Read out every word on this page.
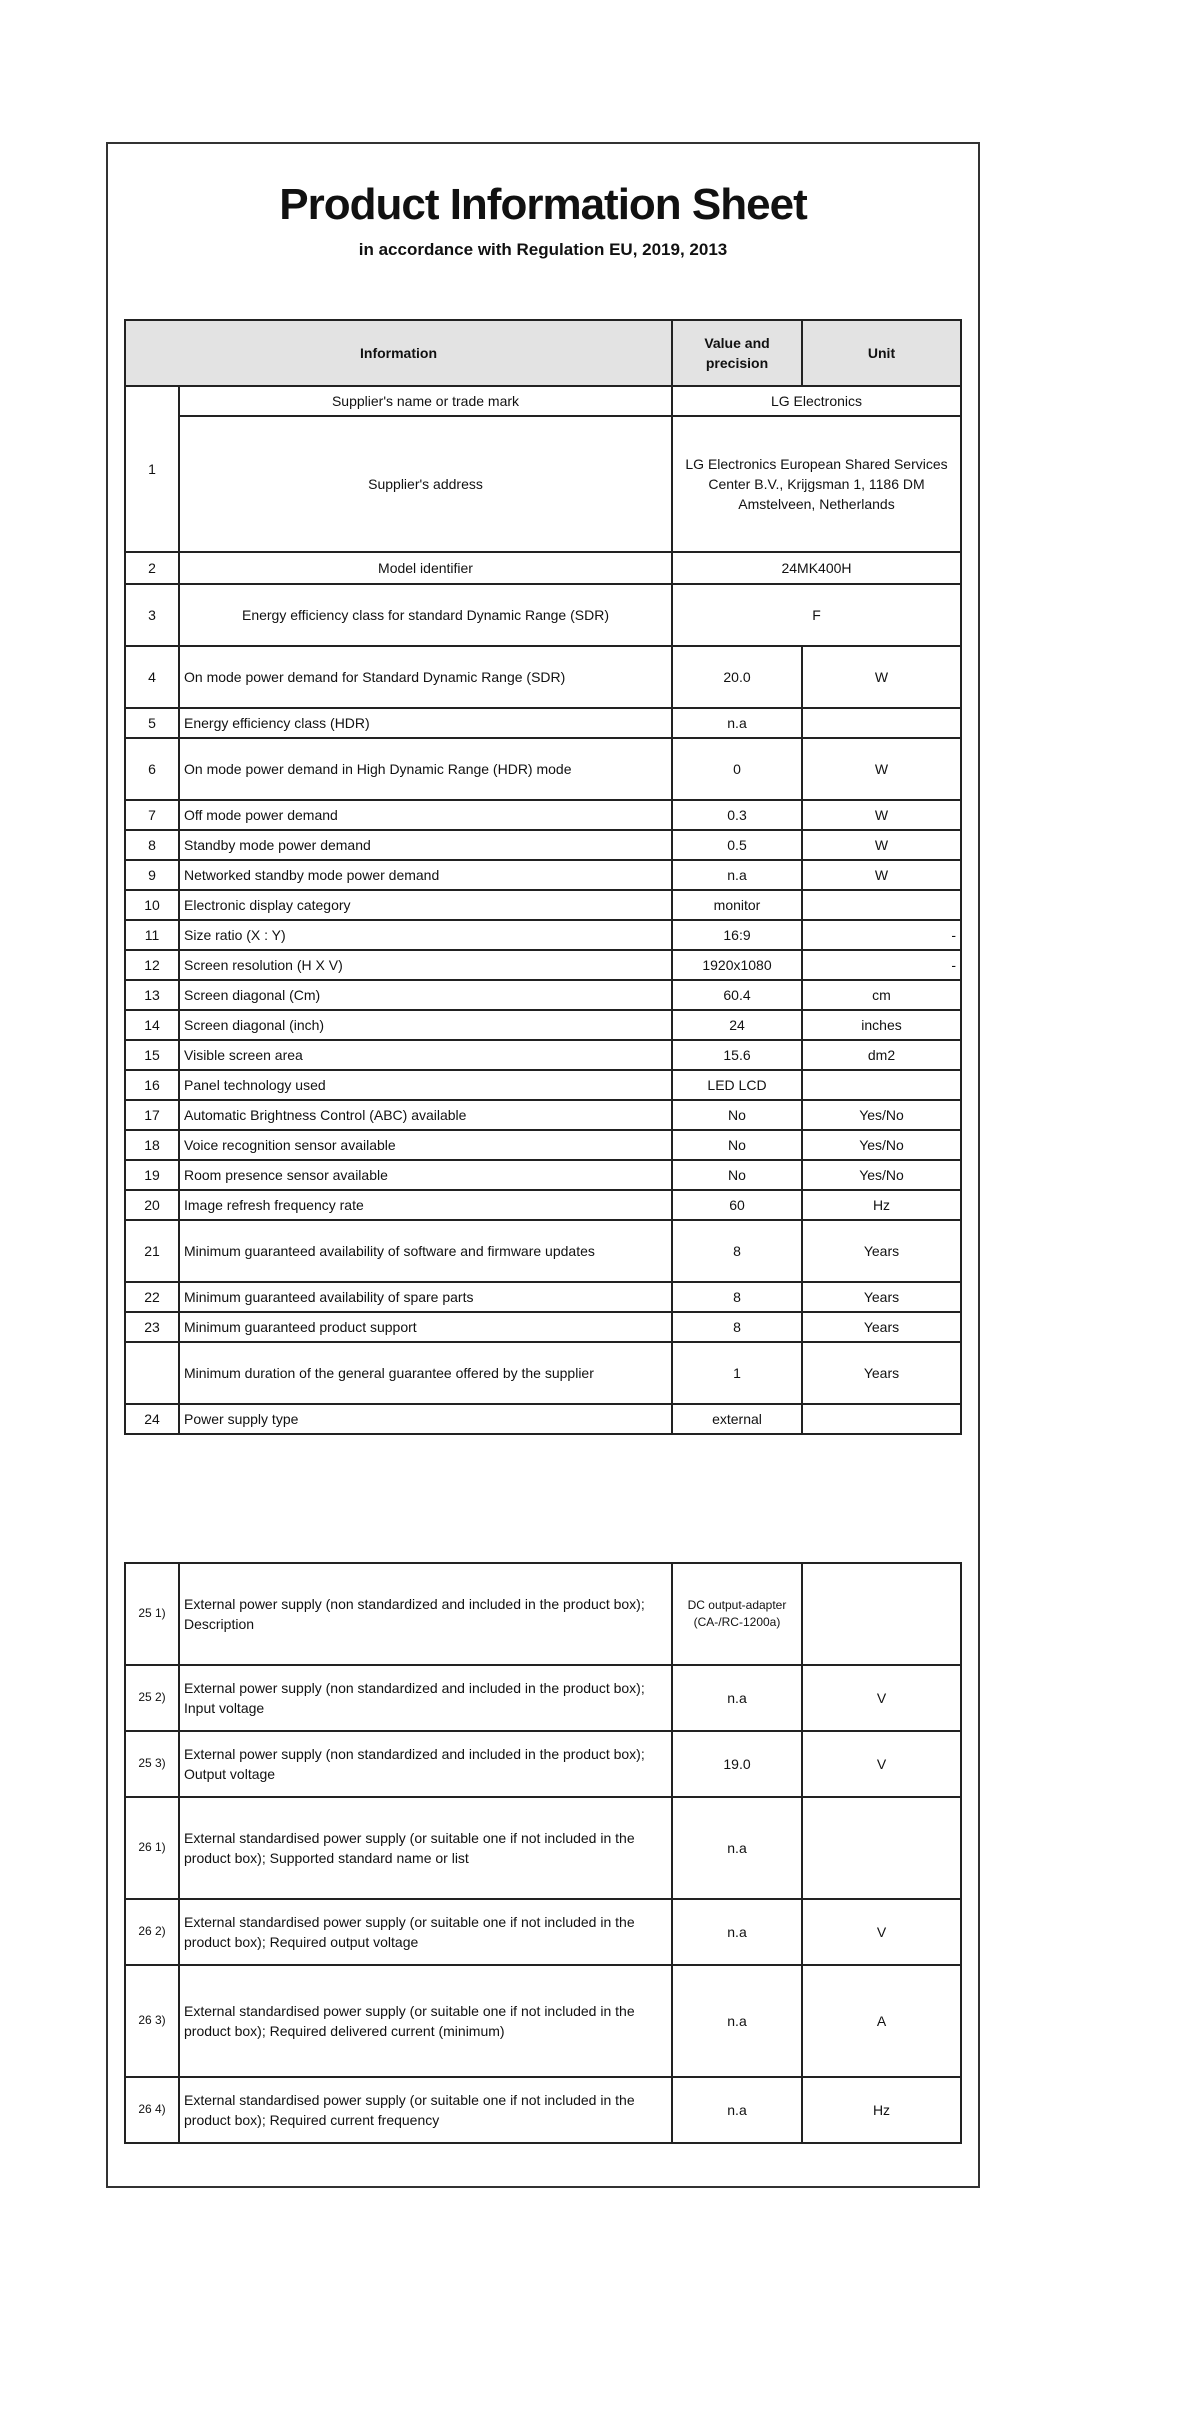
Product Information Sheet
in accordance with Regulation EU, 2019, 2013
Information		Value and precision	Unit
1	Supplier's name or trade mark	LG Electronics	
	Supplier's address	LG Electronics European Shared Services Center B.V., Krijgsman 1, 1186 DM Amstelveen, Netherlands	
2	Model identifier	24MK400H	
3	Energy efficiency class for standard Dynamic Range (SDR)	F	
4	On mode power demand for Standard Dynamic Range (SDR)	20.0	W
5	Energy efficiency class (HDR)	n.a	
6	On mode power demand in High Dynamic Range (HDR) mode	0	W
7	Off mode power demand	0.3	W
8	Standby mode power demand	0.5	W
9	Networked standby mode power demand	n.a	W
10	Electronic display category	monitor	
11	Size ratio (X : Y)	16:9	-
12	Screen resolution (H X V)	1920x1080	-
13	Screen diagonal (Cm)	60.4	cm
14	Screen diagonal (inch)	24	inches
15	Visible screen area	15.6	dm2
16	Panel technology used	LED LCD	
17	Automatic Brightness Control (ABC) available	No	Yes/No
18	Voice recognition sensor available	No	Yes/No
19	Room presence sensor available	No	Yes/No
20	Image refresh frequency rate	60	Hz
21	Minimum guaranteed availability of software and firmware updates	8	Years
22	Minimum guaranteed availability of spare parts	8	Years
23	Minimum guaranteed product support	8	Years
	Minimum duration of the general guarantee offered by the supplier	1	Years
24	Power supply type	external	
25 1)	External power supply (non standardized and included in the product box); Description	DC output-adapter (CA-/RC-1200a)	
25 2)	External power supply (non standardized and included in the product box); Input voltage	n.a	V
25 3)	External power supply (non standardized and included in the product box); Output voltage	19.0	V
26 1)	External standardised power supply (or suitable one if not included in the product box); Supported standard name or list	n.a	
26 2)	External standardised power supply (or suitable one if not included in the product box); Required output voltage	n.a	V
26 3)	External standardised power supply (or suitable one if not included in the product box); Required delivered current (minimum)	n.a	A
26 4)	External standardised power supply (or suitable one if not included in the product box); Required current frequency	n.a	Hz
